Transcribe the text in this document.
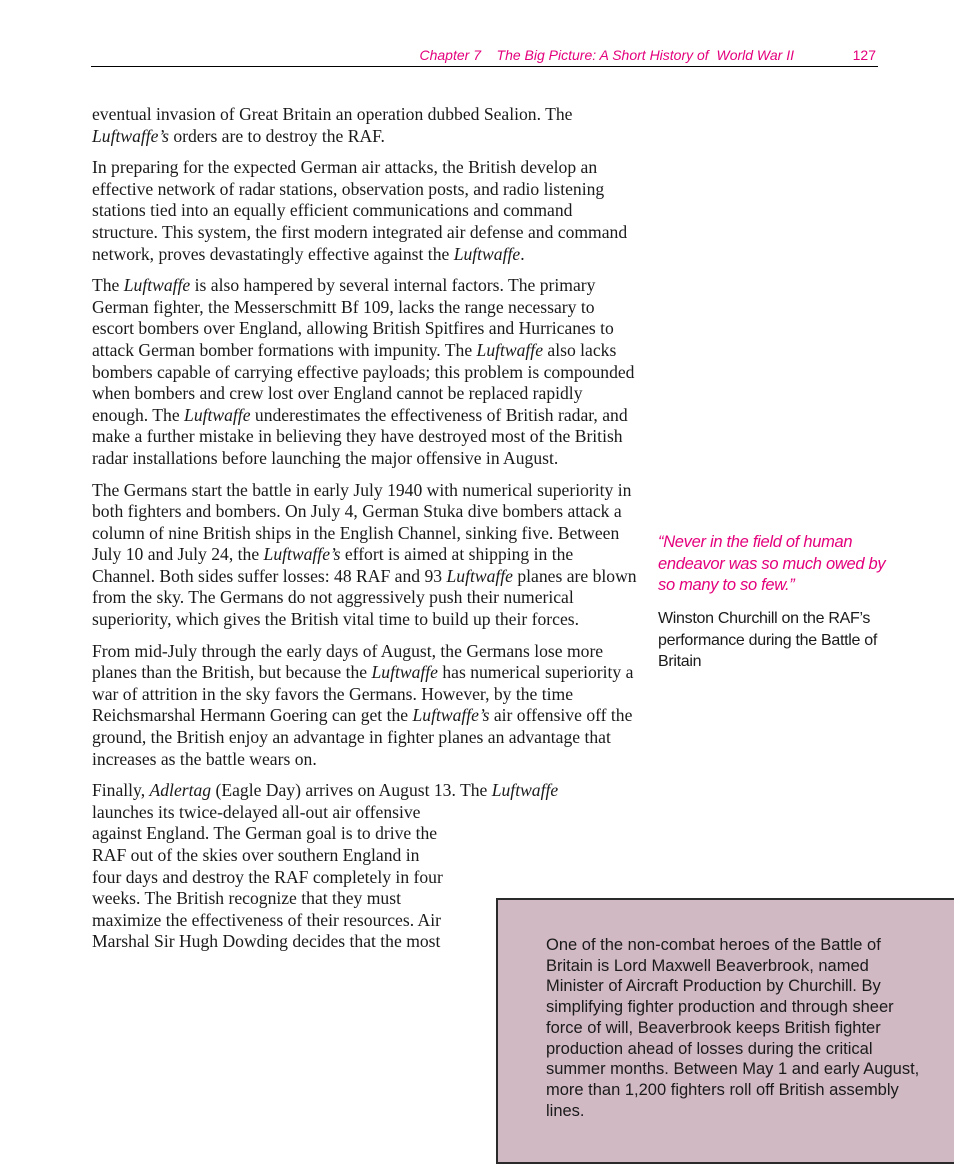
Chapter 7    The Big Picture: A Short History of  World War II	127

eventual invasion of Great Britain an operation dubbed Sealion. The Luftwaffe’s orders are to destroy the RAF.

In preparing for the expected German air attacks, the British develop an effective network of radar stations, observation posts, and radio listening stations tied into an equally efficient communications and command structure. This system, the first modern integrated air defense and command network, proves devastatingly effective against the Luftwaffe.

The Luftwaffe is also hampered by several internal factors. The primary German fighter, the Messerschmitt Bf 109, lacks the range necessary to escort bombers over England, allowing British Spitfires and Hurricanes to attack German bomber formations with impunity. The Luftwaffe also lacks bombers capable of carrying effective payloads; this problem is compounded when bombers and crew lost over England cannot be replaced rapidly enough. The Luftwaffe underestimates the effectiveness of British radar, and make a further mistake in believing they have destroyed most of the British radar installations before launching the major offensive in August.

The Germans start the battle in early July 1940 with numerical superiority in both fighters and bombers. On July 4, German Stuka dive bombers attack a column of nine British ships in the English Channel, sinking five. Between July 10 and July 24, the Luftwaffe’s effort is aimed at shipping in the Channel. Both sides suffer losses: 48 RAF and 93 Luftwaffe planes are blown from the sky. The Germans do not aggressively push their numerical superiority, which gives the British vital time to build up their forces.

From mid-July through the early days of August, the Germans lose more planes than the British, but because the Luftwaffe has numerical superiority a war of attrition in the sky favors the Germans. However, by the time Reichsmarshal Hermann Goering can get the Luftwaffe’s air offensive off the ground, the British enjoy an advantage in fighter planes an advantage that increases as the battle wears on.

Finally, Adlertag (Eagle Day) arrives on August 13. The Luftwaffe
launches its twice-delayed all-out air offensive
against England. The German goal is to drive the
RAF out of the skies over southern England in
four days and destroy the RAF completely in four
weeks. The British recognize that they must
maximize the effectiveness of their resources. Air
Marshal Sir Hugh Dowding decides that the most

“Never in the field of human endeavor was so much owed by so many to so few.”
Winston Churchill on the RAF’s performance during the Battle of Britain
One of the non-combat heroes of the Battle of Britain is Lord Maxwell Beaverbrook, named Minister of Aircraft Production by Churchill. By simplifying fighter production and through sheer force of will, Beaverbrook keeps British fighter production ahead of losses during the critical summer months. Between May 1 and early August, more than 1,200 fighters roll off British assembly lines.
